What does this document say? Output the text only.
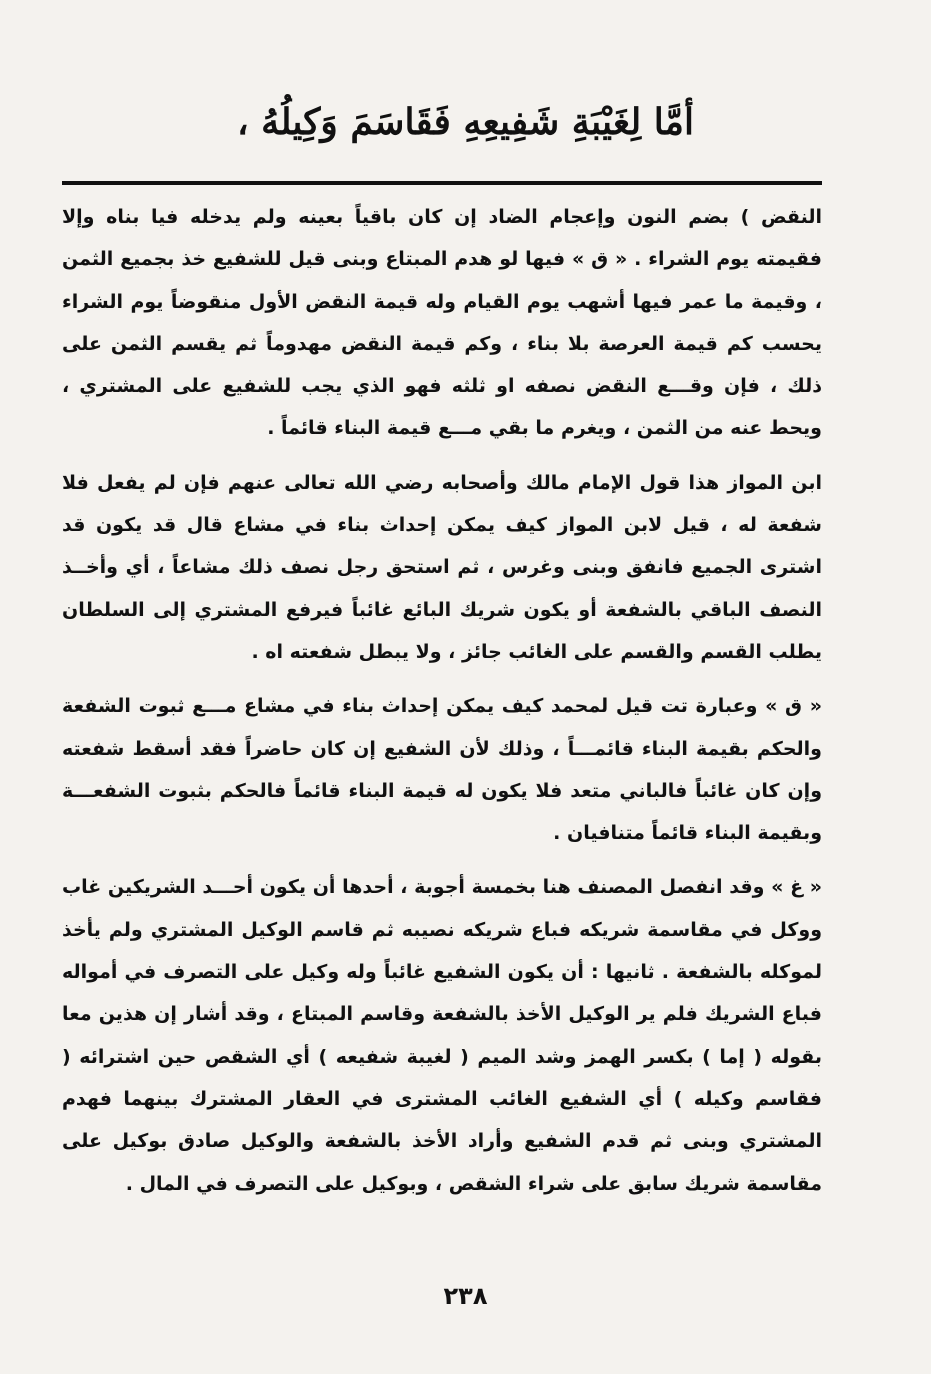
أمَّا لِغَيْبَةِ شَفِيعِهِ فَقَاسَمَ وَكِيلُهُ ،

النقض ) بضم النون وإعجام الضاد إن كان باقياً بعينه ولم يدخله فيا بناه وإلا فقيمته يوم الشراء . « ق » فيها لو هدم المبتاع وبنى قيل للشفيع خذ بجميع الثمن ، وقيمة ما عمر فيها أشهب يوم القيام وله قيمة النقض الأول منقوضاً يوم الشراء يحسب كم قيمة العرصة بلا بناء ، وكم قيمة النقض مهدوماً ثم يقسم الثمن على ذلك ، فإن وقـــع النقض نصفه او ثلثه فهو الذي يجب للشفيع على المشتري ، ويحط عنه من الثمن ، ويغرم ما بقي مـــع قيمة البناء قائماً .

ابن المواز هذا قول الإمام مالك وأصحابه رضي الله تعالى عنهم فإن لم يفعل فلا شفعة له ، قيل لابن المواز كيف يمكن إحداث بناء في مشاع قال قد يكون قد اشترى الجميع فانفق وبنى وغرس ، ثم استحق رجل نصف ذلك مشاعاً ، أي وأخــذ النصف الباقي بالشفعة أو يكون شريك البائع غائباً فيرفع المشتري إلى السلطان يطلب القسم والقسم على الغائب جائز ، ولا يبطل شفعته اه .

« ق » وعبارة تت قيل لمحمد كيف يمكن إحداث بناء في مشاع مـــع ثبوت الشفعة والحكم بقيمة البناء قائمـــاً ، وذلك لأن الشفيع إن كان حاضراً فقد أسقط شفعته وإن كان غائباً فالباني متعد فلا يكون له قيمة البناء قائماً فالحكم بثبوت الشفعـــة وبقيمة البناء قائماً متنافيان .

« غ » وقد انفصل المصنف هنا بخمسة أجوبة ، أحدها أن يكون أحـــد الشريكين غاب ووكل في مقاسمة شريكه فباع شريكه نصيبه ثم قاسم الوكيل المشتري ولم يأخذ لموكله بالشفعة . ثانيها : أن يكون الشفيع غائباً وله وكيل على التصرف في أمواله فباع الشريك فلم ير الوكيل الأخذ بالشفعة وقاسم المبتاع ، وقد أشار إن هذين معا بقوله ( إما ) بكسر الهمز وشد الميم ( لغيبة شفيعه ) أي الشقص حين اشترائه ( فقاسم وكيله ) أي الشفيع الغائب المشترى في العقار المشترك بينهما فهدم المشتري وبنى ثم قدم الشفيع وأراد الأخذ بالشفعة والوكيل صادق بوكيل على مقاسمة شريك سابق على شراء الشقص ، وبوكيل على التصرف في المال .

٢٣٨
